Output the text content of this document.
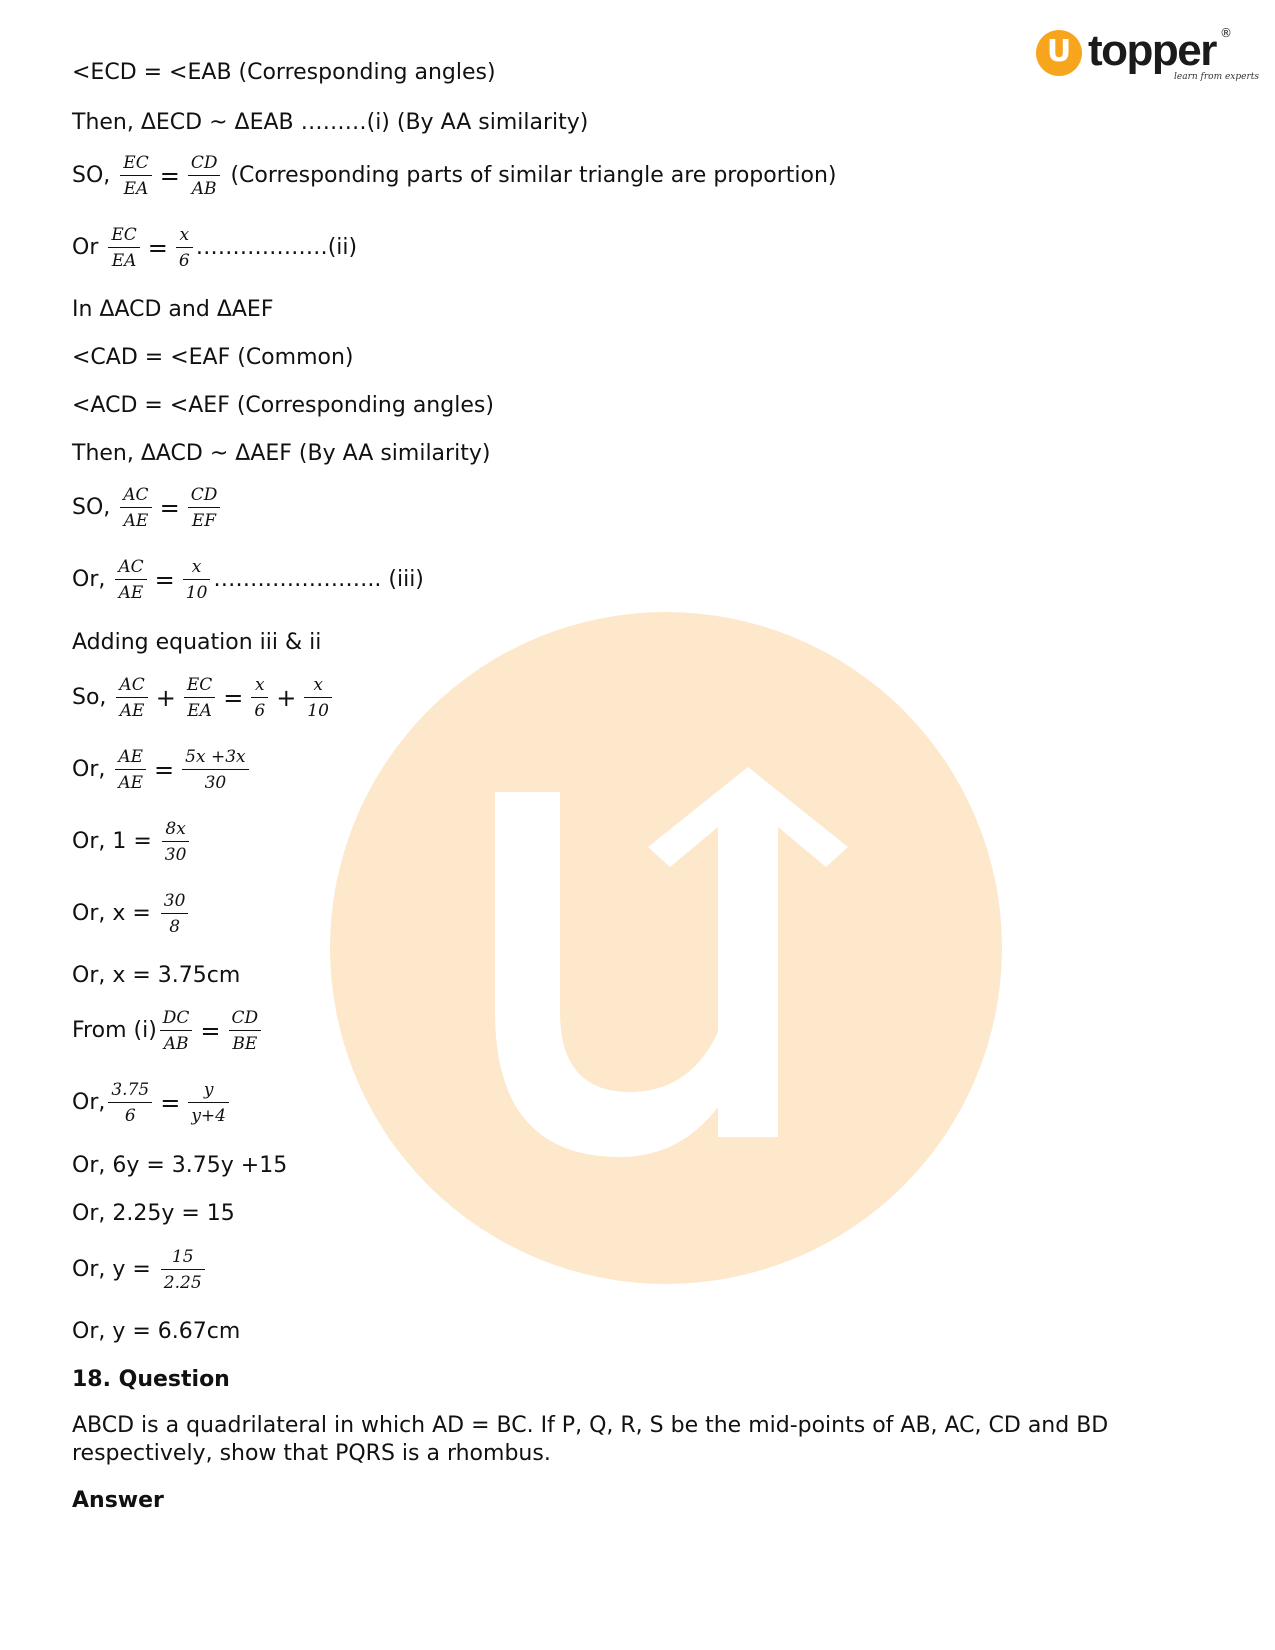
U topper ®
learn from experts
<ECD = <EAB (Corresponding angles)
Then, ΔECD ~ ΔEAB ………(i) (By AA similarity)
SO, $\frac{EC}{EA} = \frac{CD}{AB}$ (Corresponding parts of similar triangle are proportion)
Or $\frac{EC}{EA} = \frac{x}{6}$ ………………(ii)
In ΔACD and ΔAEF
<CAD = <EAF (Common)
<ACD = <AEF (Corresponding angles)
Then, ΔACD ~ ΔAEF (By AA similarity)
SO, $\frac{AC}{AE} = \frac{CD}{EF}$
Or, $\frac{AC}{AE} = \frac{x}{10}$ ………………….. (iii)
Adding equation iii & ii
So, $\frac{AC}{AE} + \frac{EC}{EA} = \frac{x}{6} + \frac{x}{10}$
Or, $\frac{AE}{AE} = \frac{5x +3x}{30}$
Or, $1 = \frac{8x}{30}$
Or, $x = \frac{30}{8}$
Or, x = 3.75cm
From $(i) \frac{DC}{AB} = \frac{CD}{BE}$
Or, $\frac{3.75}{6} = \frac{y}{y+4}$
Or, 6y = 3.75y +15
Or, 2.25y = 15
Or, $y = \frac{15}{2.25}$
Or, y = 6.67cm
18. Question
ABCD is a quadrilateral in which AD = BC. If P, Q, R, S be the mid-points of AB, AC, CD and BD respectively, show that PQRS is a rhombus.
Answer
